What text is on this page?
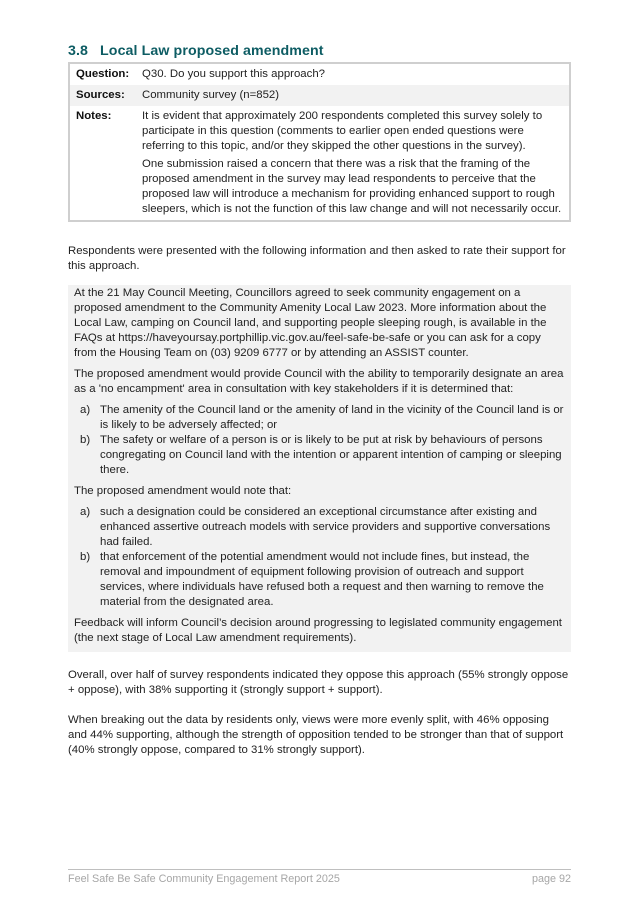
3.8 Local Law proposed amendment
Question:	Q30. Do you support this approach?

Sources:	Community survey (n=852)

Notes:	It is evident that approximately 200 respondents completed this survey solely to participate in this question (comments to earlier open ended questions were referring to this topic, and/or they skipped the other questions in the survey).

One submission raised a concern that there was a risk that the framing of the proposed amendment in the survey may lead respondents to perceive that the proposed law will introduce a mechanism for providing enhanced support to rough sleepers, which is not the function of this law change and will not necessarily occur.

Respondents were presented with the following information and then asked to rate their support for this approach.

At the 21 May Council Meeting, Councillors agreed to seek community engagement on a proposed amendment to the Community Amenity Local Law 2023. More information about the Local Law, camping on Council land, and supporting people sleeping rough, is available in the FAQs at https://haveyoursay.portphillip.vic.gov.au/feel-safe-be-safe or you can ask for a copy from the Housing Team on (03) 9209 6777 or by attending an ASSIST counter.

The proposed amendment would provide Council with the ability to temporarily designate an area as a 'no encampment' area in consultation with key stakeholders if it is determined that:

a) The amenity of the Council land or the amenity of land in the vicinity of the Council land is or is likely to be adversely affected; or
b) The safety or welfare of a person is or is likely to be put at risk by behaviours of persons congregating on Council land with the intention or apparent intention of camping or sleeping there.

The proposed amendment would note that:

a) such a designation could be considered an exceptional circumstance after existing and enhanced assertive outreach models with service providers and supportive conversations had failed.
b) that enforcement of the potential amendment would not include fines, but instead, the removal and impoundment of equipment following provision of outreach and support services, where individuals have refused both a request and then warning to remove the material from the designated area.

Feedback will inform Council’s decision around progressing to legislated community engagement (the next stage of Local Law amendment requirements).

Overall, over half of survey respondents indicated they oppose this approach (55% strongly oppose + oppose), with 38% supporting it (strongly support + support).

When breaking out the data by residents only, views were more evenly split, with 46% opposing and 44% supporting, although the strength of opposition tended to be stronger than that of support (40% strongly oppose, compared to 31% strongly support).

Feel Safe Be Safe Community Engagement Report 2025	page 92
